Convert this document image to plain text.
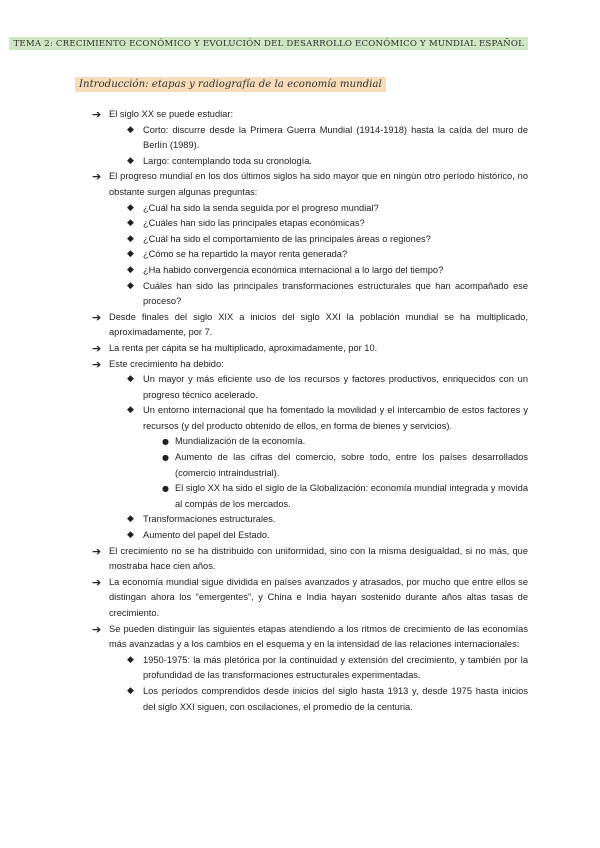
TEMA 2: CRECIMIENTO ECONÓMICO Y EVOLUCIÓN DEL DESARROLLO ECONÓMICO Y MUNDIAL ESPAÑOL
Introducción: etapas y radiografía de la economía mundial
➔ El siglo XX se puede estudiar:
◆ Corto: discurre desde la Primera Guerra Mundial (1914-1918) hasta la caída del muro de Berlín (1989).
◆ Largo: contemplando toda su cronología.
➔ El progreso mundial en los dos últimos siglos ha sido mayor que en ningún otro período histórico, no obstante surgen algunas preguntas:
◆ ¿Cuál ha sido la senda seguida por el progreso mundial?
◆ ¿Cuáles han sido las principales etapas económicas?
◆ ¿Cuál ha sido el comportamiento de las principales áreas o regiones?
◆ ¿Cómo se ha repartido la mayor renta generada?
◆ ¿Ha habido convergencia económica internacional a lo largo del tiempo?
◆ Cuáles han sido las principales transformaciones estructurales que han acompañado ese proceso?
➔ Desde finales del siglo XIX a inicios del siglo XXI la población mundial se ha multiplicado, aproximadamente, por 7.
➔ La renta per cápita se ha multiplicado, aproximadamente, por 10.
➔ Este crecimiento ha debido:
◆ Un mayor y más eficiente uso de los recursos y factores productivos, enriquecidos con un progreso técnico acelerado.
◆ Un entorno internacional que ha fomentado la movilidad y el intercambio de estos factores y recursos (y del producto obtenido de ellos, en forma de bienes y servicios).
● Mundialización de la economía.
● Aumento de las cifras del comercio, sobre todo, entre los países desarrollados (comercio intraindustrial).
● El siglo XX ha sido el siglo de la Globalización: economía mundial integrada y movida al compás de los mercados.
◆ Transformaciones estructurales.
◆ Aumento del papel del Estado.
➔ El crecimiento no se ha distribuido con uniformidad, sino con la misma desigualdad, si no más, que mostraba hace cien años.
➔ La economía mundial sigue dividida en países avanzados y atrasados, por mucho que entre ellos se distingan ahora los “emergentes”, y China e India hayan sostenido durante años altas tasas de crecimiento.
➔ Se pueden distinguir las siguientes etapas atendiendo a los ritmos de crecimiento de las economías más avanzadas y a los cambios en el esquema y en la intensidad de las relaciones internacionales:
◆ 1950-1975: la más pletórica por la continuidad y extensión del crecimiento, y también por la profundidad de las transformaciones estructurales experimentadas.
◆ Los períodos comprendidos desde inicios del siglo hasta 1913 y, desde 1975 hasta inicios del siglo XXI siguen, con oscilaciones, el promedio de la centuria.
